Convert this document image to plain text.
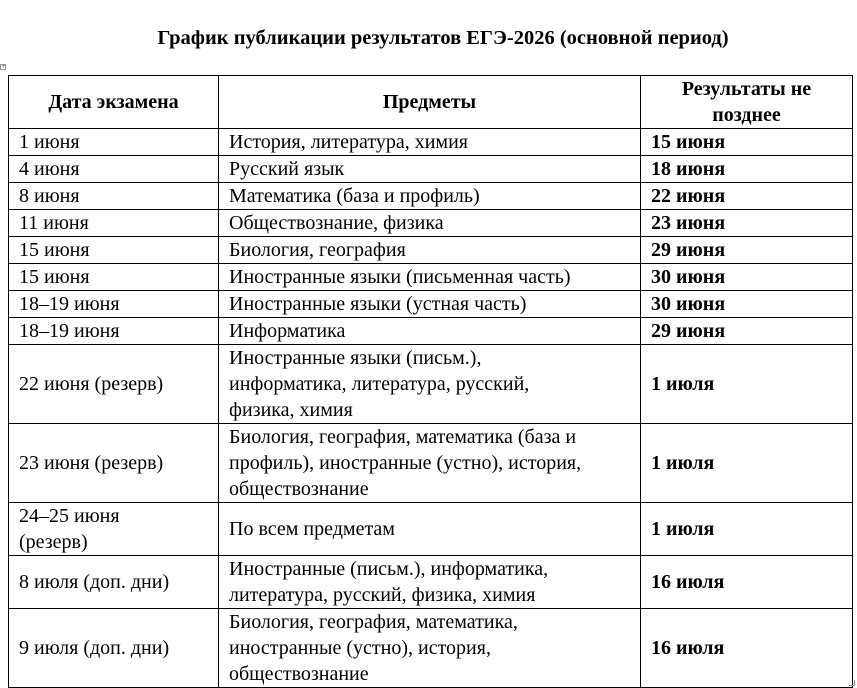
График публикации результатов ЕГЭ-2026 (основной период)
+
Дата экзамена	Предметы	Результаты не
позднее
1 июня	История, литература, химия	15 июня
4 июня	Русский язык	18 июня
8 июня	Математика (база и профиль)	22 июня
11 июня	Обществознание, физика	23 июня
15 июня	Биология, география	29 июня
15 июня	Иностранные языки (письменная часть)	30 июня
18–19 июня	Иностранные языки (устная часть)	30 июня
18–19 июня	Информатика	29 июня
22 июня (резерв)	Иностранные языки (письм.),
информатика, литература, русский,
физика, химия	1 июля
23 июня (резерв)	Биология, география, математика (база и
профиль), иностранные (устно), история,
обществознание	1 июля
24–25 июня
(резерв)	По всем предметам	1 июля
8 июля (доп. дни)	Иностранные (письм.), информатика,
литература, русский, физика, химия	16 июля
9 июля (доп. дни)	Биология, география, математика,
иностранные (устно), история,
обществознание	16 июля
